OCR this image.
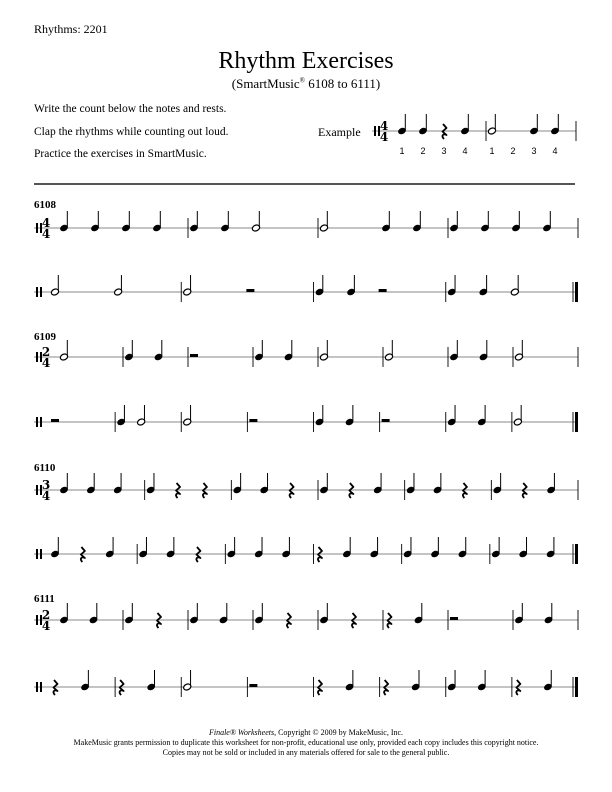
Rhythms: 2201
Rhythm Exercises
(SmartMusic® 6108 to 6111)
Write the count below the notes and rests.
Clap the rhythms while counting out loud.
Practice the exercises in SmartMusic.
Example
6108
6109
6110
6111
4
4
1 2 3 4 1 2 3 4
4
4
2
4
3
4
2
4
Finale® Worksheets, Copyright © 2009 by MakeMusic, Inc.
MakeMusic grants permission to duplicate this worksheet for non-profit, educational use only, provided each copy includes this copyright notice.
Copies may not be sold or included in any materials offered for sale to the general public.
